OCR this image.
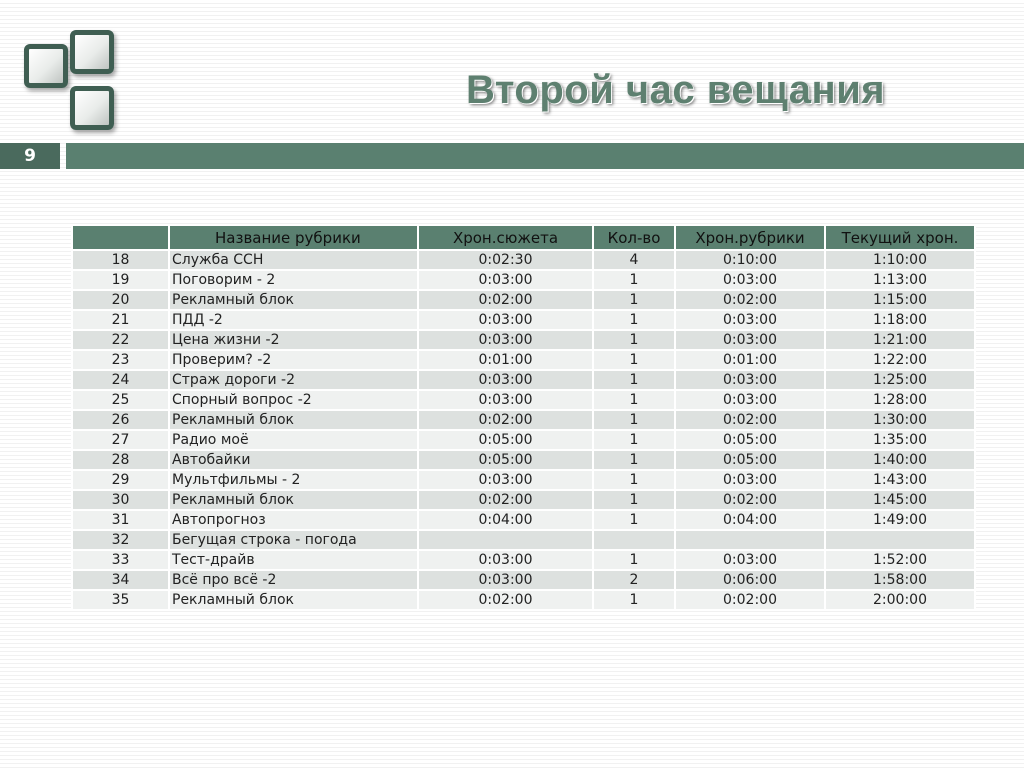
Второй час вещания
9
	Название рубрики	Хрон.сюжета	Кол-во	Хрон.рубрики	Текущий хрон.
18	Служба ССН	0:02:30	4	0:10:00	1:10:00
19	Поговорим - 2	0:03:00	1	0:03:00	1:13:00
20	Рекламный блок	0:02:00	1	0:02:00	1:15:00
21	ПДД -2	0:03:00	1	0:03:00	1:18:00
22	Цена жизни -2	0:03:00	1	0:03:00	1:21:00
23	Проверим? -2	0:01:00	1	0:01:00	1:22:00
24	Страж дороги -2	0:03:00	1	0:03:00	1:25:00
25	Спорный вопрос -2	0:03:00	1	0:03:00	1:28:00
26	Рекламный блок	0:02:00	1	0:02:00	1:30:00
27	Радио моё	0:05:00	1	0:05:00	1:35:00
28	Автобайки	0:05:00	1	0:05:00	1:40:00
29	Мультфильмы - 2	0:03:00	1	0:03:00	1:43:00
30	Рекламный блок	0:02:00	1	0:02:00	1:45:00
31	Автопрогноз	0:04:00	1	0:04:00	1:49:00
32	Бегущая строка - погода				
33	Тест-драйв	0:03:00	1	0:03:00	1:52:00
34	Всё про всё -2	0:03:00	2	0:06:00	1:58:00
35	Рекламный блок	0:02:00	1	0:02:00	2:00:00
